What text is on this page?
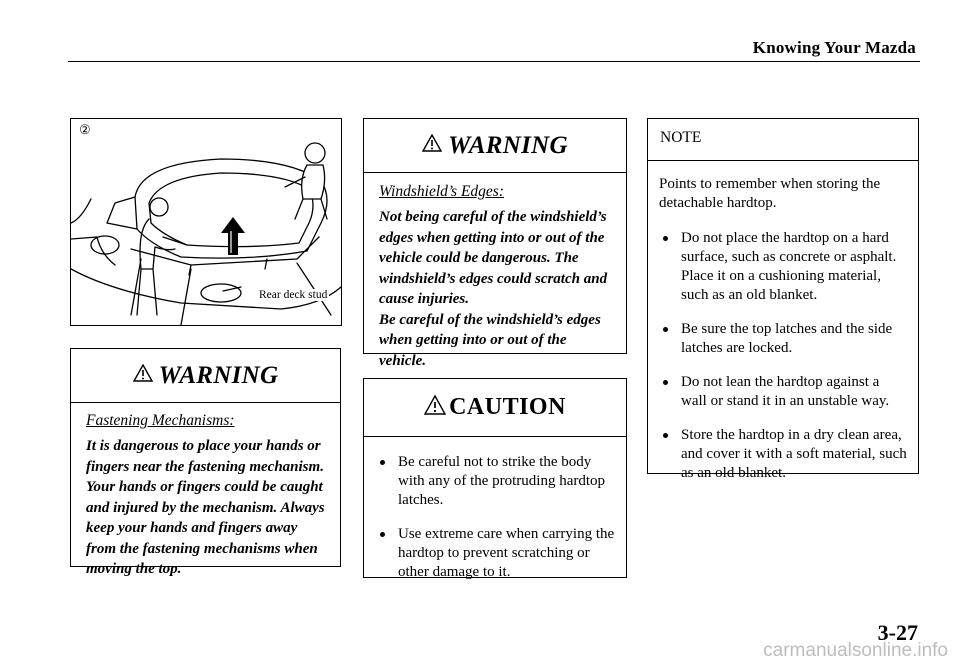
Knowing Your Mazda
②
Rear deck stud
WARNING
Fastening Mechanisms:
It is dangerous to place your hands or fingers near the fastening mechanism. Your hands or fingers could be caught and injured by the mechanism. Always keep your hands and fingers away from the fastening mechanisms when moving the top.
WARNING
Windshield’s Edges:
Not being careful of the windshield’s edges when getting into or out of the vehicle could be dangerous. The windshield’s edges could scratch and cause injuries.
Be careful of the windshield’s edges when getting into or out of the vehicle.
CAUTION
Be careful not to strike the body with any of the protruding hardtop latches.
Use extreme care when carrying the hardtop to prevent scratching or other damage to it.
NOTE
Points to remember when storing the detachable hardtop.
Do not place the hardtop on a hard surface, such as concrete or asphalt. Place it on a cushioning material, such as an old blanket.
Be sure the top latches and the side latches are locked.
Do not lean the hardtop against a wall or stand it in an unstable way.
Store the hardtop in a dry clean area, and cover it with a soft material, such as an old blanket.
3-27
carmanualsonline.info
